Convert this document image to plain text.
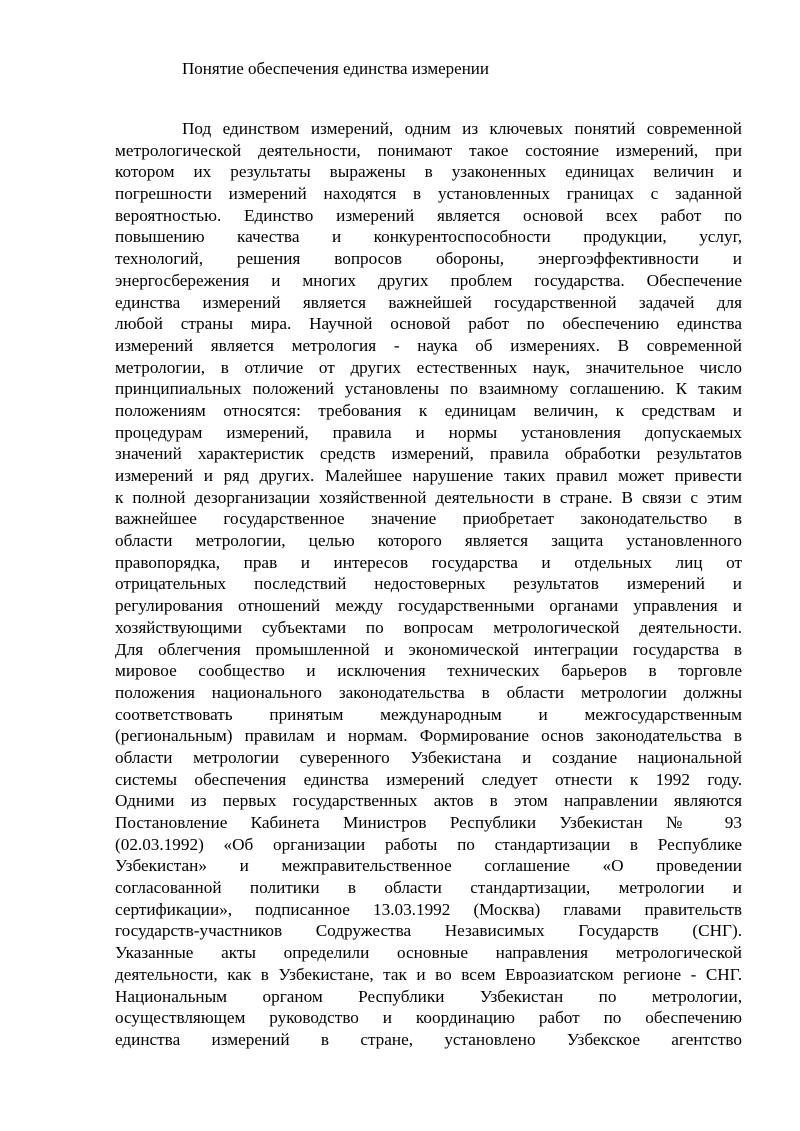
Понятие обеспечения единства измерении
Под единством измерений, одним из ключевых понятий современной
метрологической деятельности, понимают такое состояние измерений, при
котором их результаты выражены в узаконенных единицах величин и
погрешности измерений находятся в установленных границах с заданной
вероятностью. Единство измерений является основой всех работ по
повышению качества и конкурентоспособности продукции, услуг,
технологий, решения вопросов обороны, энергоэффективности и
энергосбережения и многих других проблем государства. Обеспечение
единства измерений является важнейшей государственной задачей для
любой страны мира. Научной основой работ по обеспечению единства
измерений является метрология - наука об измерениях. В современной
метрологии, в отличие от других естественных наук, значительное число
принципиальных положений установлены по взаимному соглашению. К таким
положениям относятся: требования к единицам величин, к средствам и
процедурам измерений, правила и нормы установления допускаемых
значений характеристик средств измерений, правила обработки результатов
измерений и ряд других. Малейшее нарушение таких правил может привести
к полной дезорганизации хозяйственной деятельности в стране. В связи с этим
важнейшее государственное значение приобретает законодательство в
области метрологии, целью которого является защита установленного
правопорядка, прав и интересов государства и отдельных лиц от
отрицательных последствий недостоверных результатов измерений и
регулирования отношений между государственными органами управления и
хозяйствующими субъектами по вопросам метрологической деятельности.
Для облегчения промышленной и экономической интеграции государства в
мировое сообщество и исключения технических барьеров в торговле
положения национального законодательства в области метрологии должны
соответствовать принятым международным и межгосударственным
(региональным) правилам и нормам. Формирование основ законодательства в
области метрологии суверенного Узбекистана и создание национальной
системы обеспечения единства измерений следует отнести к 1992 году.
Одними из первых государственных актов в этом направлении являются
Постановление Кабинета Министров Республики Узбекистан № 93
(02.03.1992) «Об организации работы по стандартизации в Республике
Узбекистан» и межправительственное соглашение «О проведении
согласованной политики в области стандартизации, метрологии и
сертификации», подписанное 13.03.1992 (Москва) главами правительств
государств-участников Содружества Независимых Государств (СНГ).
Указанные акты определили основные направления метрологической
деятельности, как в Узбекистане, так и во всем Евроазиатском регионе - СНГ.
Национальным органом Республики Узбекистан по метрологии,
осуществляющем руководство и координацию работ по обеспечению
единства измерений в стране, установлено Узбекское агентство
